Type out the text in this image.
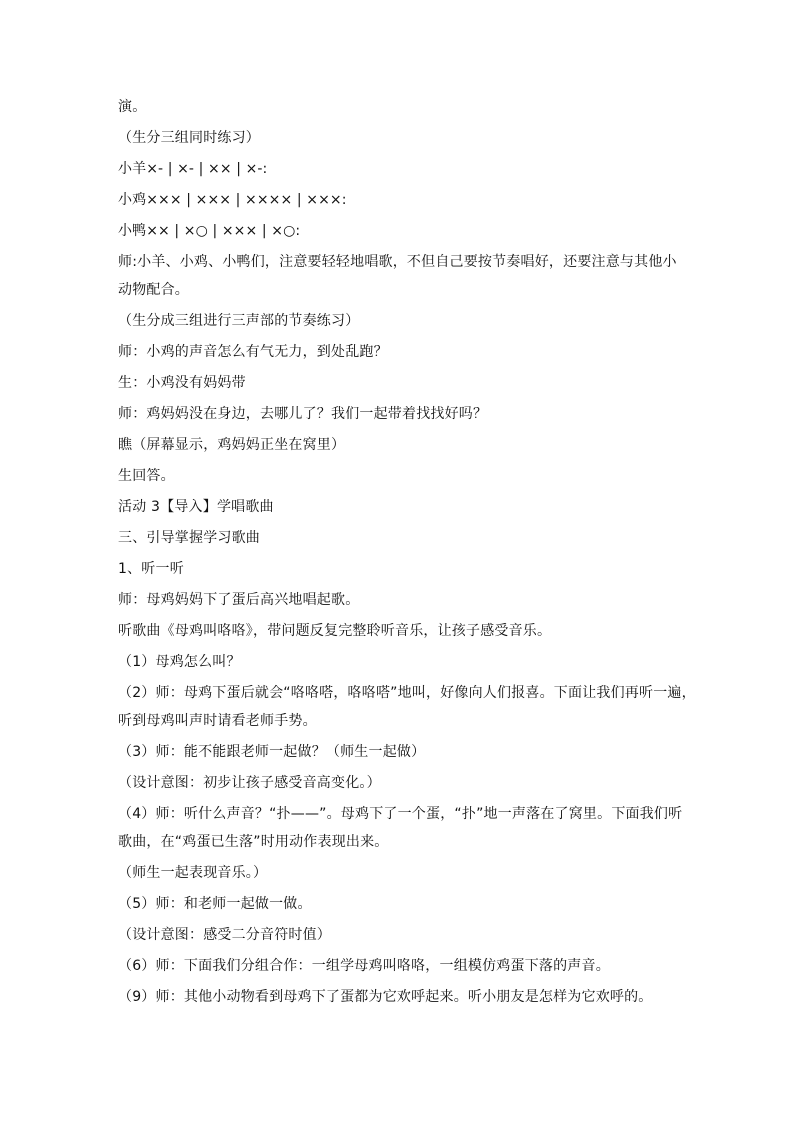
演。
（生分三组同时练习）
小羊×- | ×- | ×× | ×-:
小鸡××× | ××× | ×××× | ×××:
小鸭×× | ×○ | ××× | ×○:
师:小羊、小鸡、小鸭们，注意要轻轻地唱歌，不但自己要按节奏唱好，还要注意与其他小
动物配合。
（生分成三组进行三声部的节奏练习）
师：小鸡的声音怎么有气无力，到处乱跑？
生：小鸡没有妈妈带
师：鸡妈妈没在身边，去哪儿了？我们一起带着找找好吗？
瞧（屏幕显示，鸡妈妈正坐在窝里）
生回答。
活动 3【导入】学唱歌曲
三、引导掌握学习歌曲
1、听一听
师：母鸡妈妈下了蛋后高兴地唱起歌。
听歌曲《母鸡叫咯咯》，带问题反复完整聆听音乐，让孩子感受音乐。
（1）母鸡怎么叫？
（2）师：母鸡下蛋后就会“咯咯嗒，咯咯嗒”地叫，好像向人们报喜。下面让我们再听一遍，
听到母鸡叫声时请看老师手势。
（3）师：能不能跟老师一起做？（师生一起做）
（设计意图：初步让孩子感受音高变化。）
（4）师：听什么声音？“扑——”。母鸡下了一个蛋，“扑”地一声落在了窝里。下面我们听
歌曲，在“鸡蛋已生落”时用动作表现出来。
（师生一起表现音乐。）
（5）师：和老师一起做一做。
（设计意图：感受二分音符时值）
（6）师：下面我们分组合作：一组学母鸡叫咯咯，一组模仿鸡蛋下落的声音。
（9）师：其他小动物看到母鸡下了蛋都为它欢呼起来。听小朋友是怎样为它欢呼的。
